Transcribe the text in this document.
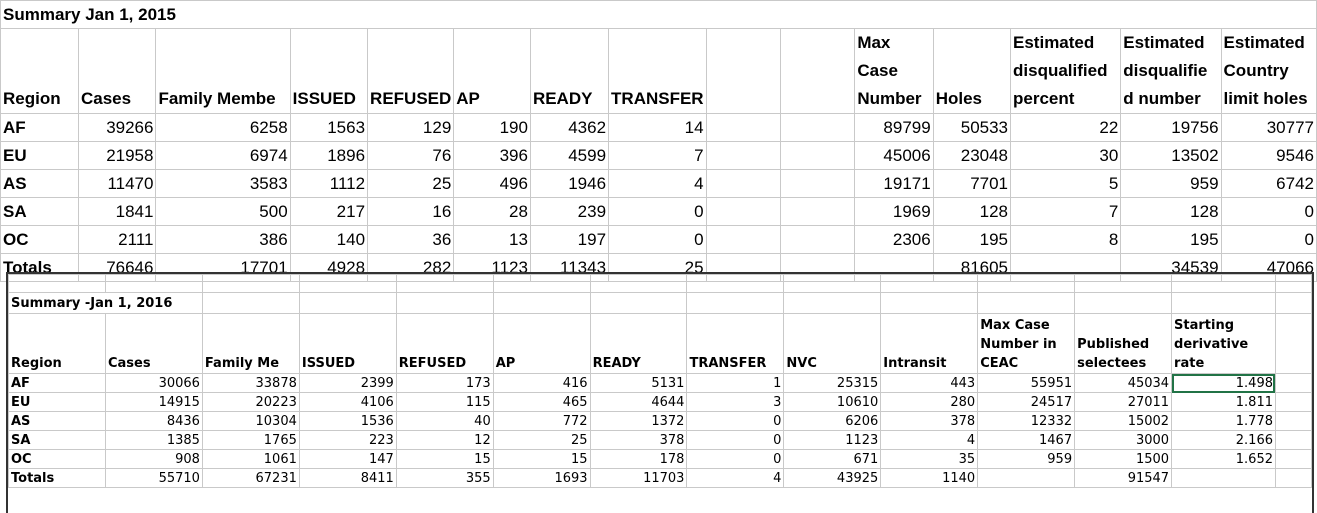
Summary Jan 1, 2015														
Region	Cases	Family Membe	ISSUED	REFUSED	AP	READY	TRANSFER			Max Case Number	Holes	Estimated disqualified percent	Estimated disqualifie d number	Estimated Country limit holes
AF	39266	6258	1563	129	190	4362	14			89799	50533	22	19756	30777
EU	21958	6974	1896	76	396	4599	7			45006	23048	30	13502	9546
AS	11470	3583	1112	25	496	1946	4			19171	7701	5	959	6742
SA	1841	500	217	16	28	239	0			1969	128	7	128	0
OC	2111	386	140	36	13	197	0			2306	195	8	195	0
Totals	76646	17701	4928	282	1123	11343	25				81605		34539	47066

Summary -Jan 1, 2016													
Region	Cases	Family Me	ISSUED	REFUSED	AP	READY	TRANSFER	NVC	Intransit	Max Case Number in CEAC	Published selectees	Starting derivative rate	
AF	30066	33878	2399	173	416	5131	1	25315	443	55951	45034	1.498	
EU	14915	20223	4106	115	465	4644	3	10610	280	24517	27011	1.811	
AS	8436	10304	1536	40	772	1372	0	6206	378	12332	15002	1.778	
SA	1385	1765	223	12	25	378	0	1123	4	1467	3000	2.166	
OC	908	1061	147	15	15	178	0	671	35	959	1500	1.652	
Totals	55710	67231	8411	355	1693	11703	4	43925	1140		91547		
